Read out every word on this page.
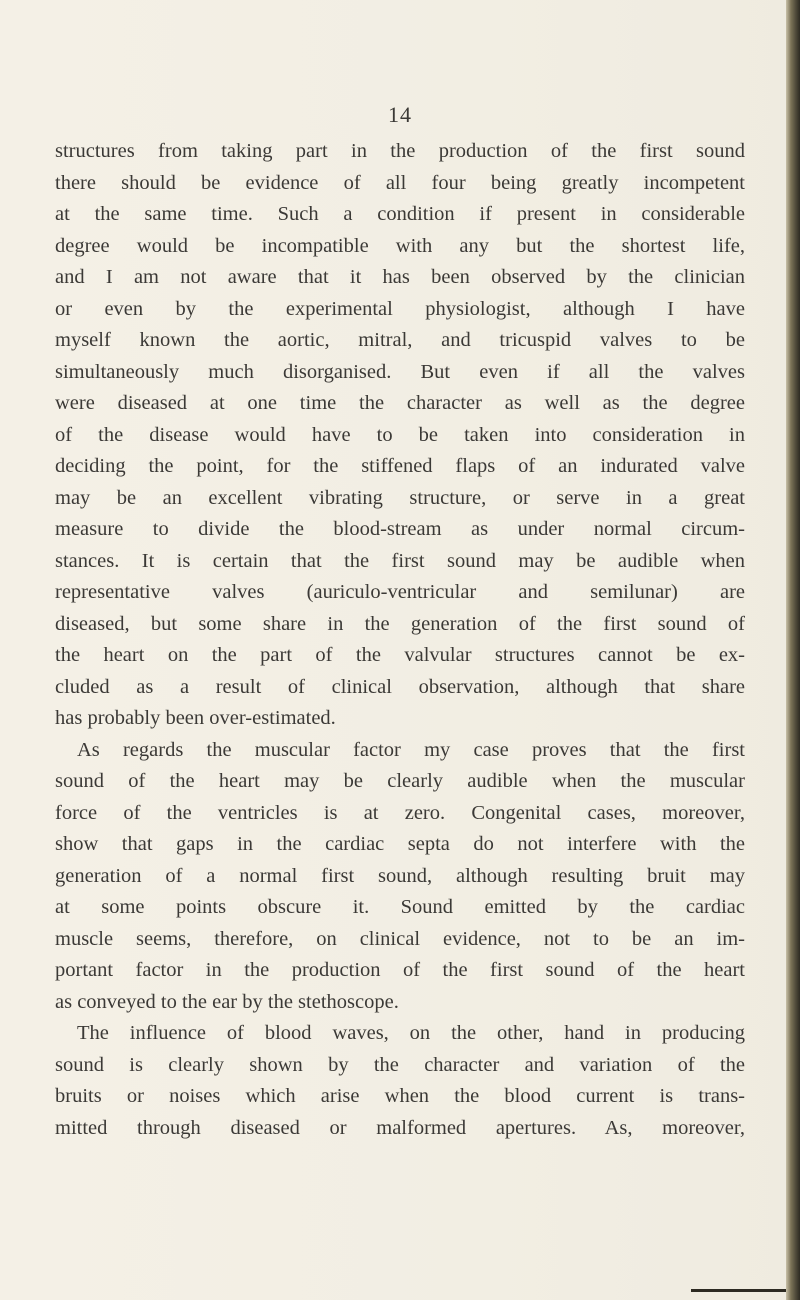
14
structures from taking part in the production of the first sound
there should be evidence of all four being greatly incompetent
at the same time. Such a condition if present in considerable
degree would be incompatible with any but the shortest life,
and I am not aware that it has been observed by the clinician
or even by the experimental physiologist, although I have
myself known the aortic, mitral, and tricuspid valves to be
simultaneously much disorganised. But even if all the valves
were diseased at one time the character as well as the degree
of the disease would have to be taken into consideration in
deciding the point, for the stiffened flaps of an indurated valve
may be an excellent vibrating structure, or serve in a great
measure to divide the blood-stream as under normal circum-
stances. It is certain that the first sound may be audible when
representative valves (auriculo-ventricular and semilunar) are
diseased, but some share in the generation of the first sound of
the heart on the part of the valvular structures cannot be ex-
cluded as a result of clinical observation, although that share
has probably been over-estimated.
As regards the muscular factor my case proves that the first
sound of the heart may be clearly audible when the muscular
force of the ventricles is at zero. Congenital cases, moreover,
show that gaps in the cardiac septa do not interfere with the
generation of a normal first sound, although resulting bruit may
at some points obscure it. Sound emitted by the cardiac
muscle seems, therefore, on clinical evidence, not to be an im-
portant factor in the production of the first sound of the heart
as conveyed to the ear by the stethoscope.
The influence of blood waves, on the other, hand in producing
sound is clearly shown by the character and variation of the
bruits or noises which arise when the blood current is trans-
mitted through diseased or malformed apertures. As, moreover,
